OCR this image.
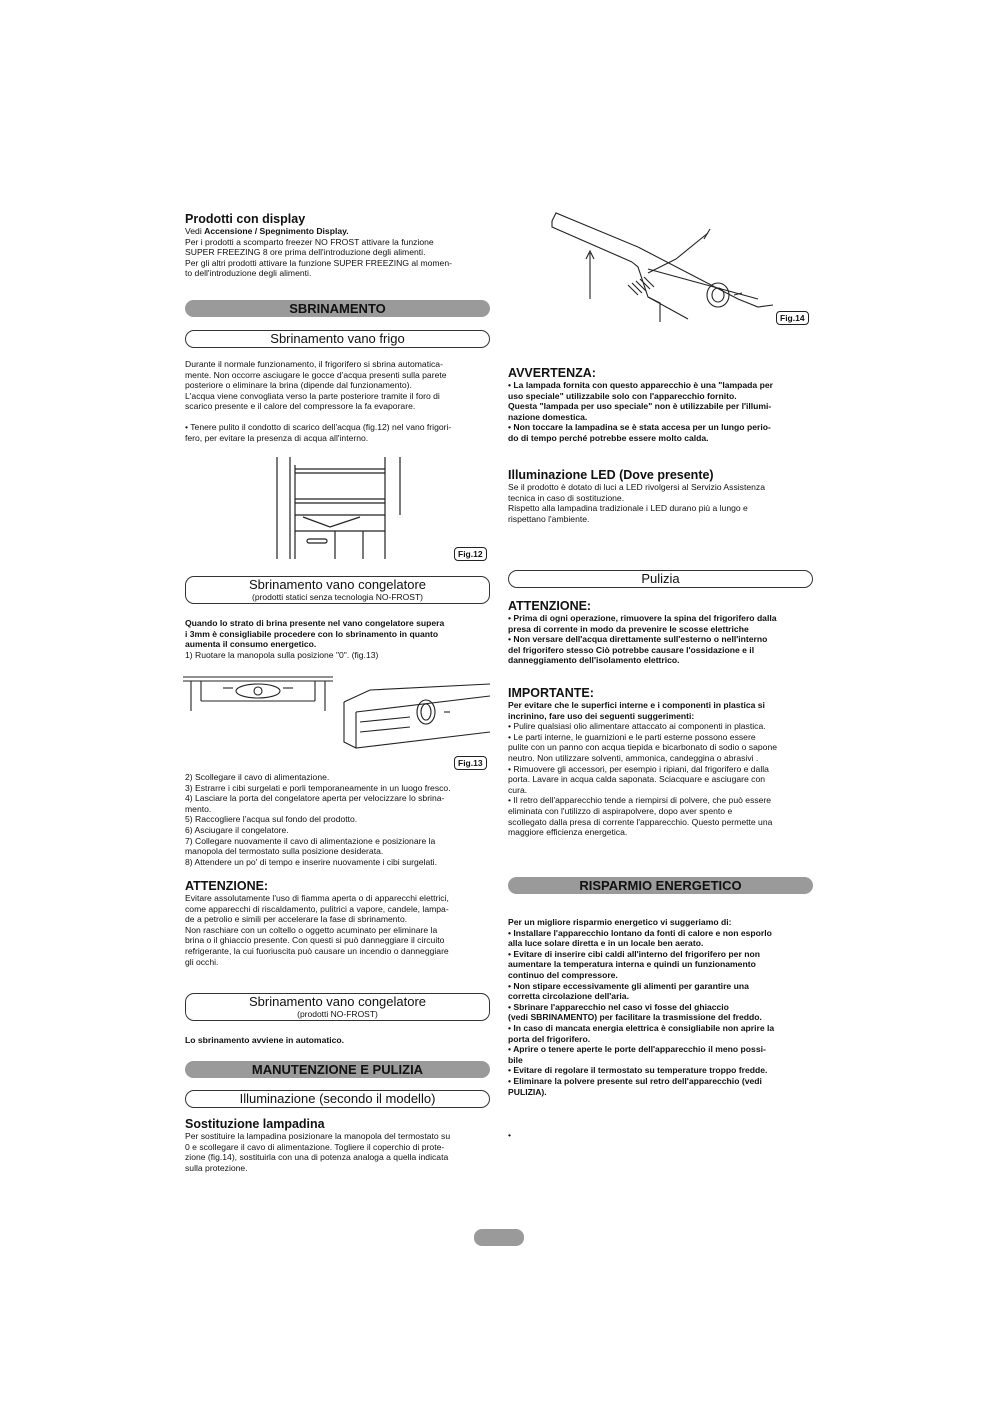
Prodotti con display
Vedi Accensione / Spegnimento Display.
Per i prodotti a scomparto freezer NO FROST attivare la funzione
SUPER FREEZING 8 ore prima dell'introduzione degli alimenti.
Per gli altri prodotti attivare la funzione SUPER FREEZING al momen-
to dell'introduzione degli alimenti.
SBRINAMENTO
Sbrinamento vano frigo
Durante il normale funzionamento, il frigorifero si sbrina automatica-
mente. Non occorre asciugare le gocce d'acqua presenti sulla parete
posteriore o eliminare la brina (dipende dal funzionamento).
L'acqua viene convogliata verso la parte posteriore tramite il foro di
scarico presente e il calore del compressore la fa evaporare.
• Tenere pulito il condotto di scarico dell'acqua (fig.12) nel vano frigori-
fero, per evitare la presenza di acqua all'interno.
Fig.12
Sbrinamento vano congelatore
(prodotti statici senza tecnologia NO-FROST)
Quando lo strato di brina presente nel vano congelatore supera
i 3mm è consigliabile procedere con lo sbrinamento in quanto
aumenta il consumo energetico.
1) Ruotare la manopola sulla posizione "0". (fig.13)
Fig.13
2) Scollegare il cavo di alimentazione.
3) Estrarre i cibi surgelati e porli temporaneamente in un luogo fresco.
4) Lasciare la porta del congelatore aperta per velocizzare lo sbrina-
mento.
5) Raccogliere l'acqua sul fondo del prodotto.
6) Asciugare il congelatore.
7) Collegare nuovamente il cavo di alimentazione e posizionare la
manopola del termostato sulla posizione desiderata.
8) Attendere un po' di tempo e inserire nuovamente i cibi surgelati.
ATTENZIONE:
Evitare assolutamente l'uso di fiamma aperta o di apparecchi elettrici,
come apparecchi di riscaldamento, pulitrici a vapore, candele, lampa-
de a petrolio e simili per accelerare la fase di sbrinamento.
Non raschiare con un coltello o oggetto acuminato per eliminare la
brina o il ghiaccio presente. Con questi si può danneggiare il circuito
refrigerante, la cui fuoriuscita può causare un incendio o danneggiare
gli occhi.
Sbrinamento vano congelatore
(prodotti NO-FROST)
Lo sbrinamento avviene in automatico.
MANUTENZIONE E PULIZIA
Illuminazione (secondo il modello)
Sostituzione lampadina
Per sostituire la lampadina posizionare la manopola del termostato su
0 e scollegare il cavo di alimentazione. Togliere il coperchio di prote-
zione (fig.14), sostituirla con una di potenza analoga a quella indicata
sulla protezione.
Fig.14
AVVERTENZA:
• La lampada fornita con questo apparecchio è una "lampada per
uso speciale" utilizzabile solo con l'apparecchio fornito.
Questa "lampada per uso speciale" non è utilizzabile per l'illumi-
nazione domestica.
• Non toccare la lampadina se è stata accesa per un lungo perio-
do di tempo perché potrebbe essere molto calda.
Illuminazione LED (Dove presente)
Se il prodotto è dotato di luci a LED rivolgersi al Servizio Assistenza
tecnica in caso di sostituzione.
Rispetto alla lampadina tradizionale i LED durano più a lungo e
rispettano l'ambiente.
Pulizia
ATTENZIONE:
• Prima di ogni operazione, rimuovere la spina del frigorifero dalla
presa di corrente in modo da prevenire le scosse elettriche
• Non versare dell'acqua direttamente sull'esterno o nell'interno
del frigorifero stesso Ciò potrebbe causare l'ossidazione e il
danneggiamento dell'isolamento elettrico.
IMPORTANTE:
Per evitare che le superfici interne e i componenti in plastica si
incrinino, fare uso dei seguenti suggerimenti:
• Pulire qualsiasi olio alimentare attaccato ai componenti in plastica.
• Le parti interne, le guarnizioni e le parti esterne possono essere
pulite con un panno con acqua tiepida e bicarbonato di sodio o sapone
neutro. Non utilizzare solventi, ammonica, candeggina o abrasivi .
• Rimuovere gli accessori, per esempio i ripiani, dal frigorifero e dalla
porta. Lavare in acqua calda saponata. Sciacquare e asciugare con
cura.
• Il retro dell'apparecchio tende a riempirsi di polvere, che può essere
eliminata con l'utilizzo di aspirapolvere, dopo aver spento e
scollegato dalla presa di corrente l'apparecchio. Questo permette una
maggiore efficienza energetica.
RISPARMIO ENERGETICO
Per un migliore risparmio energetico vi suggeriamo di:
• Installare l'apparecchio lontano da fonti di calore e non esporlo
alla luce solare diretta e in un locale ben aerato.
• Evitare di inserire cibi caldi all'interno del frigorifero per non
aumentare la temperatura interna e quindi un funzionamento
continuo del compressore.
• Non stipare eccessivamente gli alimenti per garantire una
corretta circolazione dell'aria.
• Sbrinare l'apparecchio nel caso vi fosse del ghiaccio
(vedi SBRINAMENTO) per facilitare la trasmissione del freddo.
• In caso di mancata energia elettrica è consigliabile non aprire la
porta del frigorifero.
• Aprire o tenere aperte le porte dell'apparecchio il meno possi-
bile
• Evitare di regolare il termostato su temperature troppo fredde.
• Eliminare la polvere presente sul retro dell'apparecchio (vedi
PULIZIA).
•
